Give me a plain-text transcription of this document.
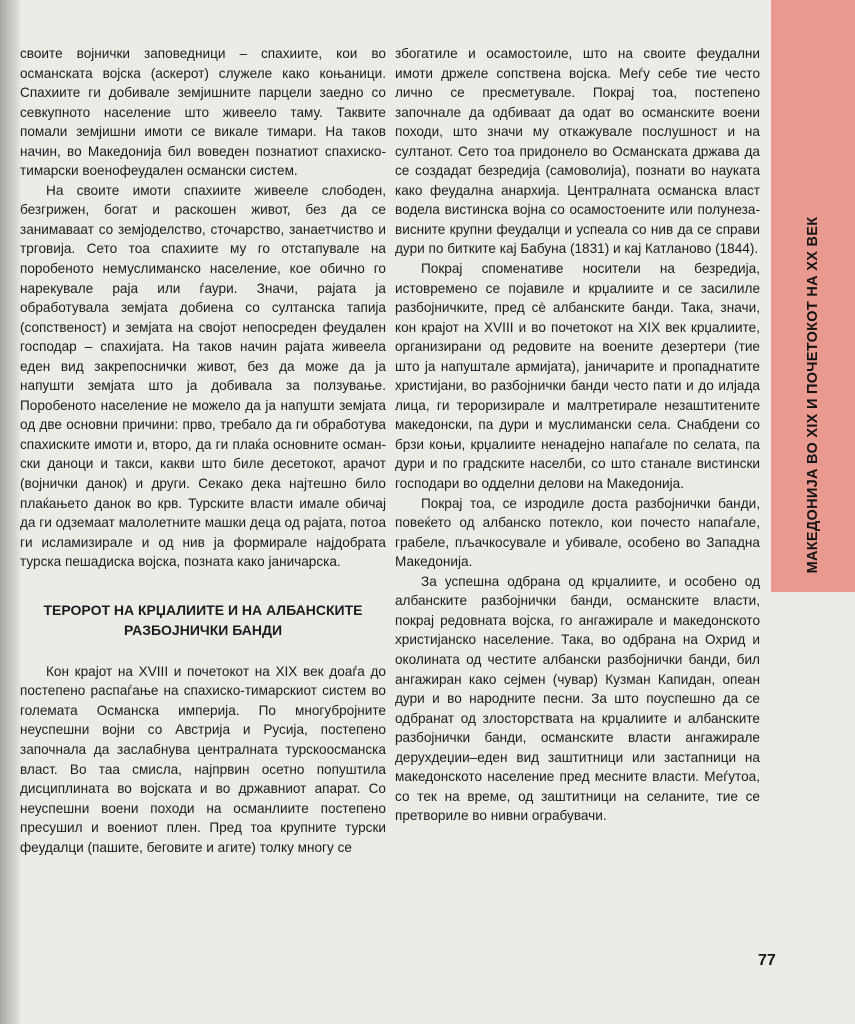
своите воjнички заповедници – спахиите, кои во османската војска (аскерот) служеле како коњаници. Спахиите ги добивале земјишните парцели заедно со севкупното население што живеело таму. Таквите помали земјишни имоти се викале тимари. На таков начин, во Македонија бил воведен познатиот спахиско-тимарски военофеудален османски систем.

На своите имоти спахиите живееле слободен, безгрижен, богат и раскошен живот, без да се занимаваат со земјоделство, сточарство, занаетчиство и трговија. Сето тоа спахиите му го отстапувале на поробеното немуслиманско население, кое обично го нарекувале раја или ѓаури. Значи, рајата ја обработувала земјата добиена со султанска тапија (сопственост) и земјата на својот непосреден феудален господар – спахијата. На таков начин рајата живеела еден вид закрепоснички живот, без да може да ја напушти земјата што ја добивала за ползување. Поробеното население не можело да ја напушти земјата од две основни причини: прво, требало да ги обработува спахиските имоти и, второ, да ги плаќа основните османски даноци и такси, какви што биле десетокот, арачот (воjнички данок) и други. Секако дека најтешно било плаќањето данок во крв. Турските власти имале обичај да ги одземаат малолетните машки деца од рајата, потоа ги исламизирале и од нив ја формирале најдобрата турска пешадиска војска, позната како јаничарска.

ТЕРОРОТ НА КРЏАЛИИТЕ И НА АЛБАНСКИТЕ
РАЗБОЈНИЧКИ БАНДИ

Кон крајот на XVIII и почетокот на XIX век доаѓа до постепено распаѓање на спахиско-тимарскиот систем во големата Османска империја. По многубројните неуспешни војни со Австрија и Русија, постепено започнала да заслабнува централната турскоосманска власт. Во таа смисла, најпрвин осетно попуштила дисциплината во војската и во државниот апарат. Со неуспешни воени походи на османлиите постепено пресушил и воениот плен. Пред тоа крупните турски феудалци (пашите, беговите и агите) толку многу се

збогатиле и осамостоиле, што на своите феудални имоти држеле сопствена војска. Меѓу себе тие често лично се пресметувале. Покрај тоа, постепено започнале да одбиваат да одат во османските воени походи, што значи му откажувале послушност и на султанот. Сето тоа придонело во Османската држава да се создадат безредија (самоволија), познати во науката како феудална анархија. Централната османска власт водела вистинска војна со осамостоените или полунезависните крупни феудалци и успеала со нив да се справи дури по битките кај Бабуна (1831) и кај Катланово (1844).

Покрај споменативе носители на безредија, истовремено се појавиле и крџалиите и се засилиле разбојничките, пред сè албанските банди. Така, значи, кон крајот на XVIII и во почетокот на XIX век крџалиите, организирани од редовите на воените дезертери (тие што ја напуштале армијата), јаничарите и пропаднатите христијани, во разбојнички банди често пати и до илјада лица, ги тероризирале и малтретирале незаштитените македонски, па дури и муслимански села. Снабдени со брзи коњи, крџалиите ненадејно напаѓале по селата, па дури и по градските населби, со што станале вистински господари во одделни делови на Македонија.

Покрај тоа, се изродиле доста разбојнички банди, повеќето од албанско потекло, кои почесто напаѓале, грабеле, пљачкосувале и убивале, особено во Западна Македонија.

За успешна одбрана од крџалиите, и особено од албанските разбојнички банди, османските власти, покрај редовната војска, го ангажирале и македонското христијанско население. Така, во одбрана на Охрид и околината од честите албански разбојнички банди, бил ангажиран како сејмен (чувар) Кузман Капидан, опеан дури и во народните песни. За што поуспешно да се одбранат од злосторствата на крџалиите и албанските разбојнички банди, османските власти ангажирале дерухдеџии–еден вид заштитници или застапници на македонското население пред месните власти. Меѓутоа, со тек на време, од заштитници на селаните, тие се претвориле во нивни ограбувачи.

МАКЕДОНИЈА ВО XIX И ПОЧЕТОКОТ НА XX ВЕК
77
